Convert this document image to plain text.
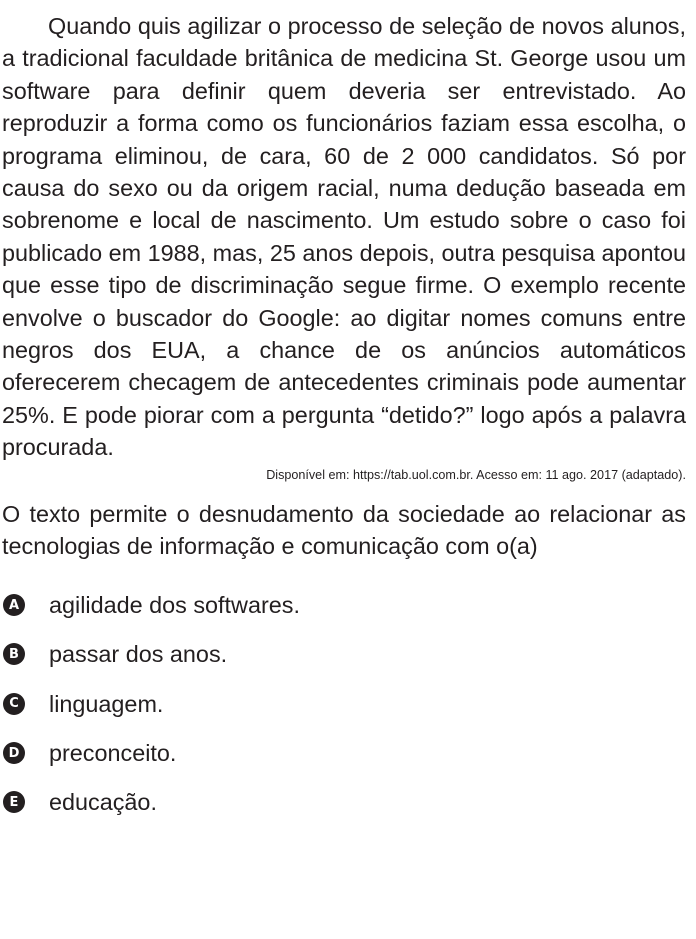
Quando quis agilizar o processo de seleção de novos alunos, a tradicional faculdade britânica de medicina St. George usou um software para definir quem deveria ser entrevistado. Ao reproduzir a forma como os funcionários faziam essa escolha, o programa eliminou, de cara, 60 de 2 000 candidatos. Só por causa do sexo ou da origem racial, numa dedução baseada em sobrenome e local de nascimento. Um estudo sobre o caso foi publicado em 1988, mas, 25 anos depois, outra pesquisa apontou que esse tipo de discriminação segue firme. O exemplo recente envolve o buscador do Google: ao digitar nomes comuns entre negros dos EUA, a chance de os anúncios automáticos oferecerem checagem de antecedentes criminais pode aumentar 25%. E pode piorar com a pergunta “detido?” logo após a palavra procurada.

Disponível em: https://tab.uol.com.br. Acesso em: 11 ago. 2017 (adaptado).

O texto permite o desnudamento da sociedade ao relacionar as tecnologias de informação e comunicação com o(a)

A agilidade dos softwares.
B passar dos anos.
C linguagem.
D preconceito.
E educação.
